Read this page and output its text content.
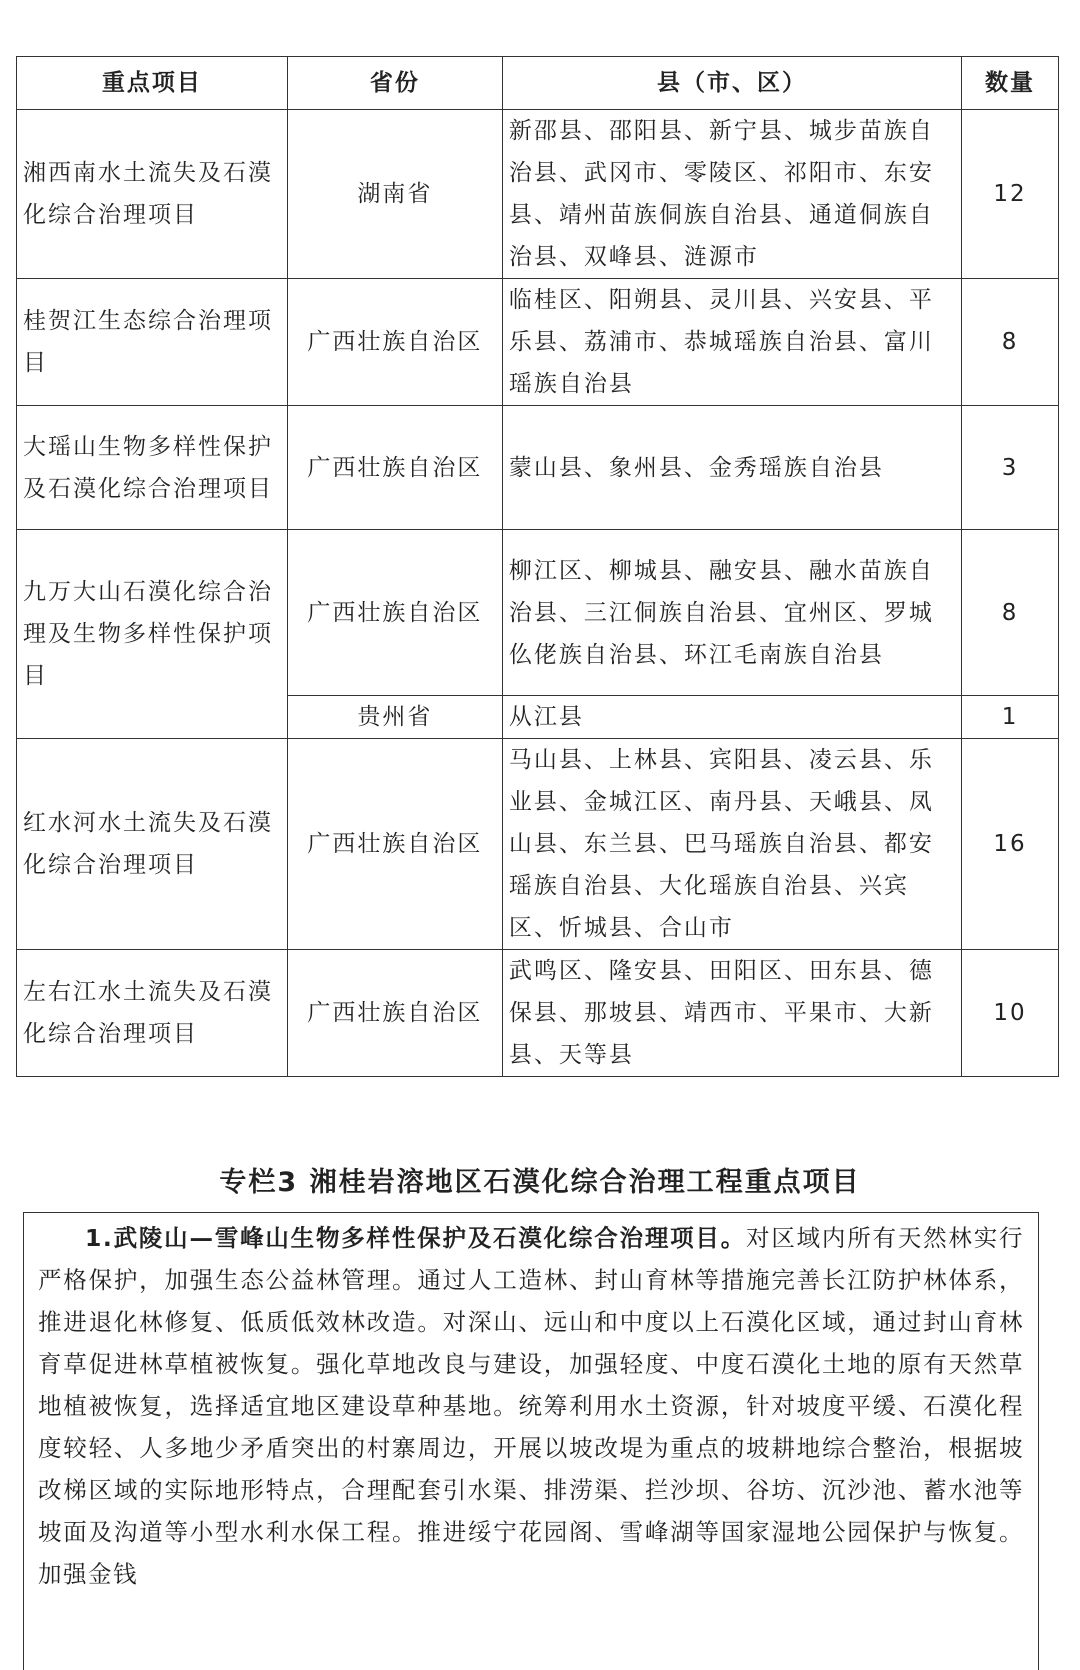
重点项目	省份	县（市、区）	数量
湘西南水土流失及石漠化综合治理项目	湖南省	新邵县、邵阳县、新宁县、城步苗族自治县、武冈市、零陵区、祁阳市、东安县、靖州苗族侗族自治县、通道侗族自治县、双峰县、涟源市	12
桂贺江生态综合治理项目	广西壮族自治区	临桂区、阳朔县、灵川县、兴安县、平乐县、荔浦市、恭城瑶族自治县、富川瑶族自治县	8
大瑶山生物多样性保护及石漠化综合治理项目	广西壮族自治区	蒙山县、象州县、金秀瑶族自治县	3
九万大山石漠化综合治理及生物多样性保护项目	广西壮族自治区	柳江区、柳城县、融安县、融水苗族自治县、三江侗族自治县、宜州区、罗城仫佬族自治县、环江毛南族自治县	8
	贵州省	从江县	1
红水河水土流失及石漠化综合治理项目	广西壮族自治区	马山县、上林县、宾阳县、凌云县、乐业县、金城江区、南丹县、天峨县、凤山县、东兰县、巴马瑶族自治县、都安瑶族自治县、大化瑶族自治县、兴宾区、忻城县、合山市	16
左右江水土流失及石漠化综合治理项目	广西壮族自治区	武鸣区、隆安县、田阳区、田东县、德保县、那坡县、靖西市、平果市、大新县、天等县	10
专栏3 湘桂岩溶地区石漠化综合治理工程重点项目

1.武陵山—雪峰山生物多样性保护及石漠化综合治理项目。对区域内所有天然林实行严格保护，加强生态公益林管理。通过人工造林、封山育林等措施完善长江防护林体系，推进退化林修复、低质低效林改造。对深山、远山和中度以上石漠化区域，通过封山育林育草促进林草植被恢复。强化草地改良与建设，加强轻度、中度石漠化土地的原有天然草地植被恢复，选择适宜地区建设草种基地。统筹利用水土资源，针对坡度平缓、石漠化程度较轻、人多地少矛盾突出的村寨周边，开展以坡改堤为重点的坡耕地综合整治，根据坡改梯区域的实际地形特点，合理配套引水渠、排涝渠、拦沙坝、谷坊、沉沙池、蓄水池等坡面及沟道等小型水利水保工程。推进绥宁花园阁、雪峰湖等国家湿地公园保护与恢复。加强金钱
